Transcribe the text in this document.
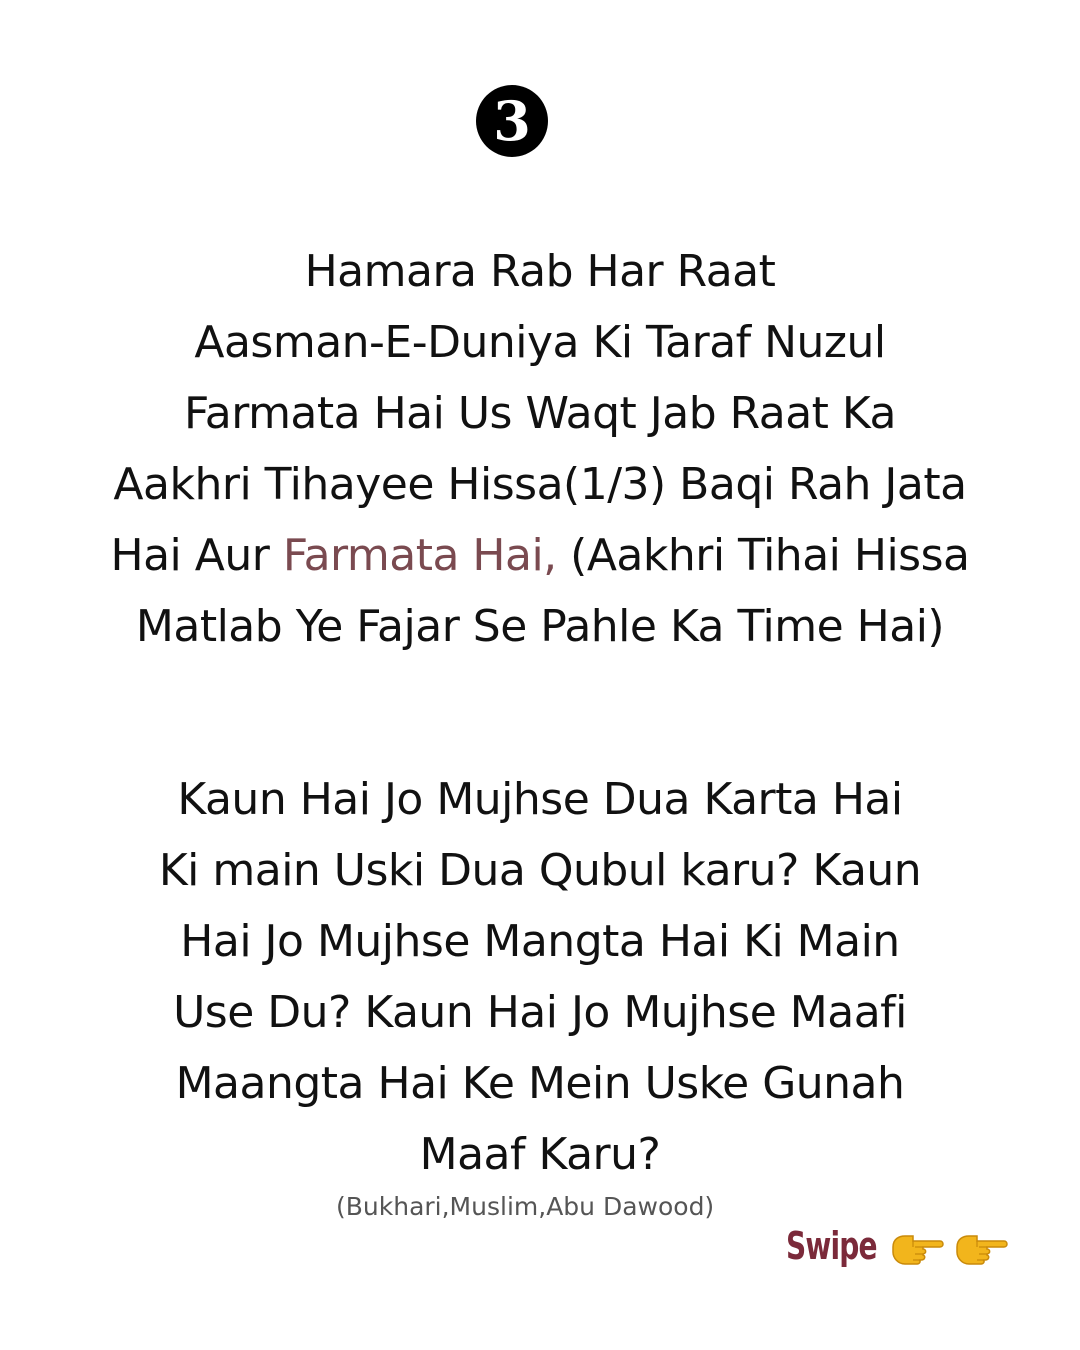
3
Hamara Rab Har Raat
Aasman-E-Duniya Ki Taraf Nuzul
Farmata Hai Us Waqt Jab Raat Ka
Aakhri Tihayee Hissa(1/3) Baqi Rah Jata
Hai Aur Farmata Hai, (Aakhri Tihai Hissa
Matlab Ye Fajar Se Pahle Ka Time Hai)
Kaun Hai Jo Mujhse Dua Karta Hai
Ki main Uski Dua Qubul karu? Kaun
Hai Jo Mujhse Mangta Hai Ki Main
Use Du? Kaun Hai Jo Mujhse Maafi
Maangta Hai Ke Mein Uske Gunah
Maaf Karu?
(Bukhari,Muslim,Abu Dawood)
Swipe
